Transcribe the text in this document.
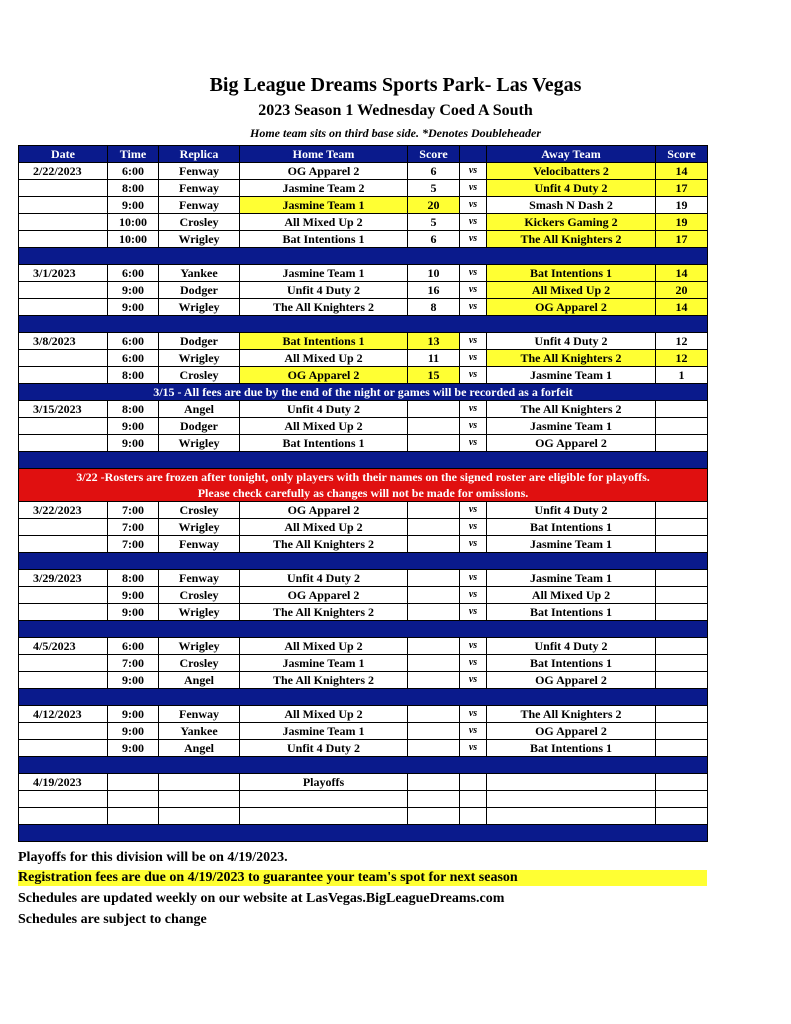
Big League Dreams Sports Park- Las Vegas
2023 Season 1 Wednesday Coed A South
Home team sits on third base side. *Denotes Doubleheader
Date	Time	Replica	Home Team	Score		Away Team	Score
2/22/2023	6:00	Fenway	OG Apparel 2	6	vs	Velocibatters 2	14
	8:00	Fenway	Jasmine Team 2	5	vs	Unfit 4 Duty 2	17
	9:00	Fenway	Jasmine Team 1	20	vs	Smash N Dash 2	19
	10:00	Crosley	All Mixed Up 2	5	vs	Kickers Gaming 2	19
	10:00	Wrigley	Bat Intentions 1	6	vs	The All Knighters 2	17

3/1/2023	6:00	Yankee	Jasmine Team 1	10	vs	Bat Intentions 1	14
	9:00	Dodger	Unfit 4 Duty 2	16	vs	All Mixed Up 2	20
	9:00	Wrigley	The All Knighters 2	8	vs	OG Apparel 2	14

3/8/2023	6:00	Dodger	Bat Intentions 1	13	vs	Unfit 4 Duty 2	12
	6:00	Wrigley	All Mixed Up 2	11	vs	The All Knighters 2	12
	8:00	Crosley	OG Apparel 2	15	vs	Jasmine Team 1	1
3/15 - All fees are due by the end of the night or games will be recorded as a forfeit							
3/15/2023	8:00	Angel	Unfit 4 Duty 2		vs	The All Knighters 2	
	9:00	Dodger	All Mixed Up 2		vs	Jasmine Team 1	
	9:00	Wrigley	Bat Intentions 1		vs	OG Apparel 2	

3/22 -Rosters are frozen after tonight, only players with their names on the signed roster are eligible for playoffs.
Please check carefully as changes will not be made for omissions.							

3/22/2023	7:00	Crosley	OG Apparel 2		vs	Unfit 4 Duty 2	
	7:00	Wrigley	All Mixed Up 2		vs	Bat Intentions 1	
	7:00	Fenway	The All Knighters 2		vs	Jasmine Team 1	

3/29/2023	8:00	Fenway	Unfit 4 Duty 2		vs	Jasmine Team 1	
	9:00	Crosley	OG Apparel 2		vs	All Mixed Up 2	
	9:00	Wrigley	The All Knighters 2		vs	Bat Intentions 1	

4/5/2023	6:00	Wrigley	All Mixed Up 2		vs	Unfit 4 Duty 2	
	7:00	Crosley	Jasmine Team 1		vs	Bat Intentions 1	
	9:00	Angel	The All Knighters 2		vs	OG Apparel 2	

4/12/2023	9:00	Fenway	All Mixed Up 2		vs	The All Knighters 2	
	9:00	Yankee	Jasmine Team 1		vs	OG Apparel 2	
	9:00	Angel	Unfit 4 Duty 2		vs	Bat Intentions 1	

4/19/2023			Playoffs				

Playoffs for this division will be on 4/19/2023.
Registration fees are due on 4/19/2023 to guarantee your team's spot for next season
Schedules are updated weekly on our website at LasVegas.BigLeagueDreams.com
Schedules are subject to change
